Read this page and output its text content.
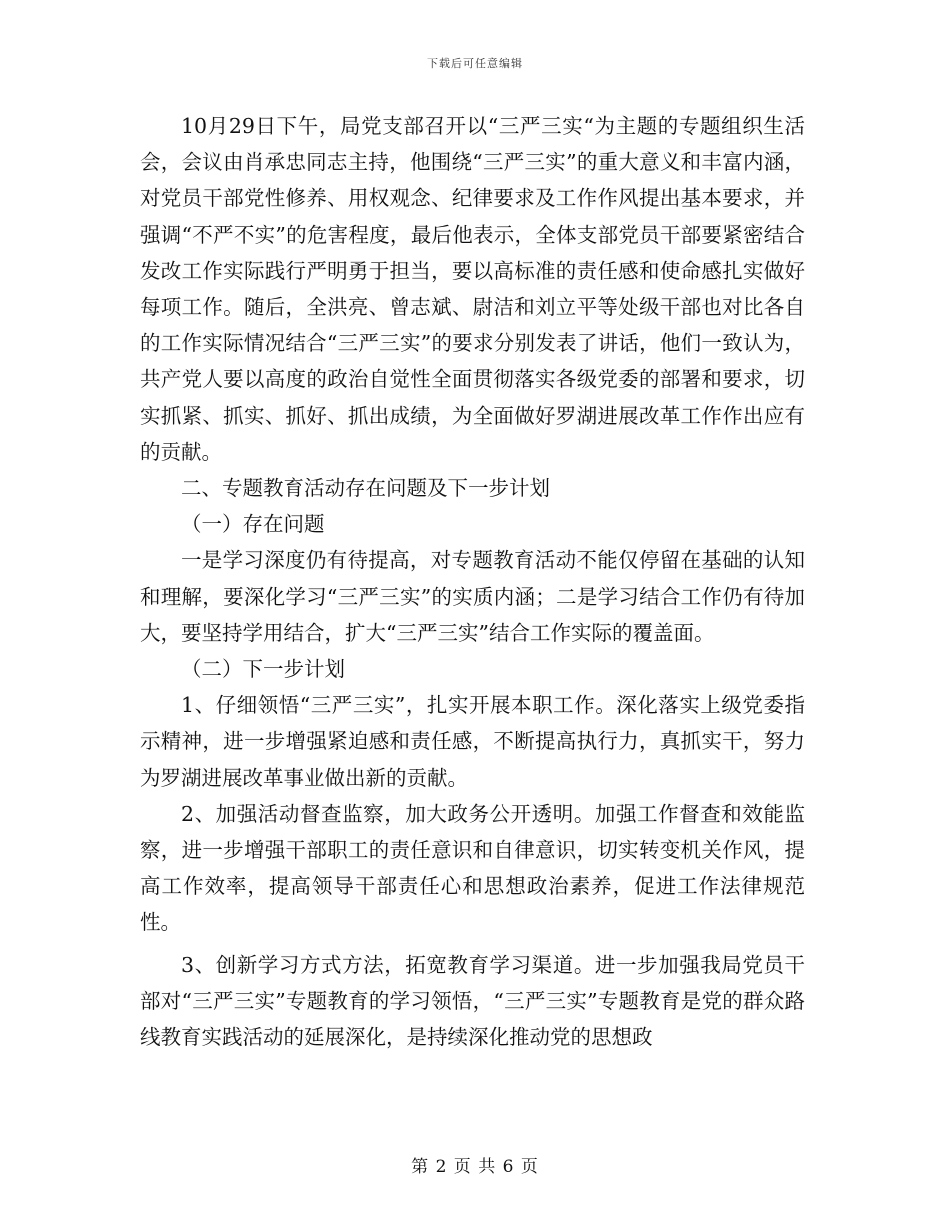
下载后可任意编辑

10月29日下午，局党支部召开以“三严三实“为主题的专题组织生活会，会议由肖承忠同志主持，他围绕“三严三实”的重大意义和丰富内涵，对党员干部党性修养、用权观念、纪律要求及工作作风提出基本要求，并强调“不严不实”的危害程度，最后他表示，全体支部党员干部要紧密结合发改工作实际践行严明勇于担当，要以高标准的责任感和使命感扎实做好每项工作。随后，全洪亮、曾志斌、尉洁和刘立平等处级干部也对比各自的工作实际情况结合“三严三实”的要求分别发表了讲话，他们一致认为，共产党人要以高度的政治自觉性全面贯彻落实各级党委的部署和要求，切实抓紧、抓实、抓好、抓出成绩，为全面做好罗湖进展改革工作作出应有的贡献。

二、专题教育活动存在问题及下一步计划

（一）存在问题

一是学习深度仍有待提高，对专题教育活动不能仅停留在基础的认知和理解，要深化学习“三严三实”的实质内涵；二是学习结合工作仍有待加大，要坚持学用结合，扩大“三严三实”结合工作实际的覆盖面。

（二）下一步计划

1、仔细领悟“三严三实”，扎实开展本职工作。深化落实上级党委指示精神，进一步增强紧迫感和责任感，不断提高执行力，真抓实干，努力为罗湖进展改革事业做出新的贡献。

2、加强活动督查监察，加大政务公开透明。加强工作督查和效能监察，进一步增强干部职工的责任意识和自律意识，切实转变机关作风，提高工作效率，提高领导干部责任心和思想政治素养，促进工作法律规范性。

3、创新学习方式方法，拓宽教育学习渠道。进一步加强我局党员干部对“三严三实”专题教育的学习领悟，“三严三实”专题教育是党的群众路线教育实践活动的延展深化，是持续深化推动党的思想政

第 2 页 共 6 页
